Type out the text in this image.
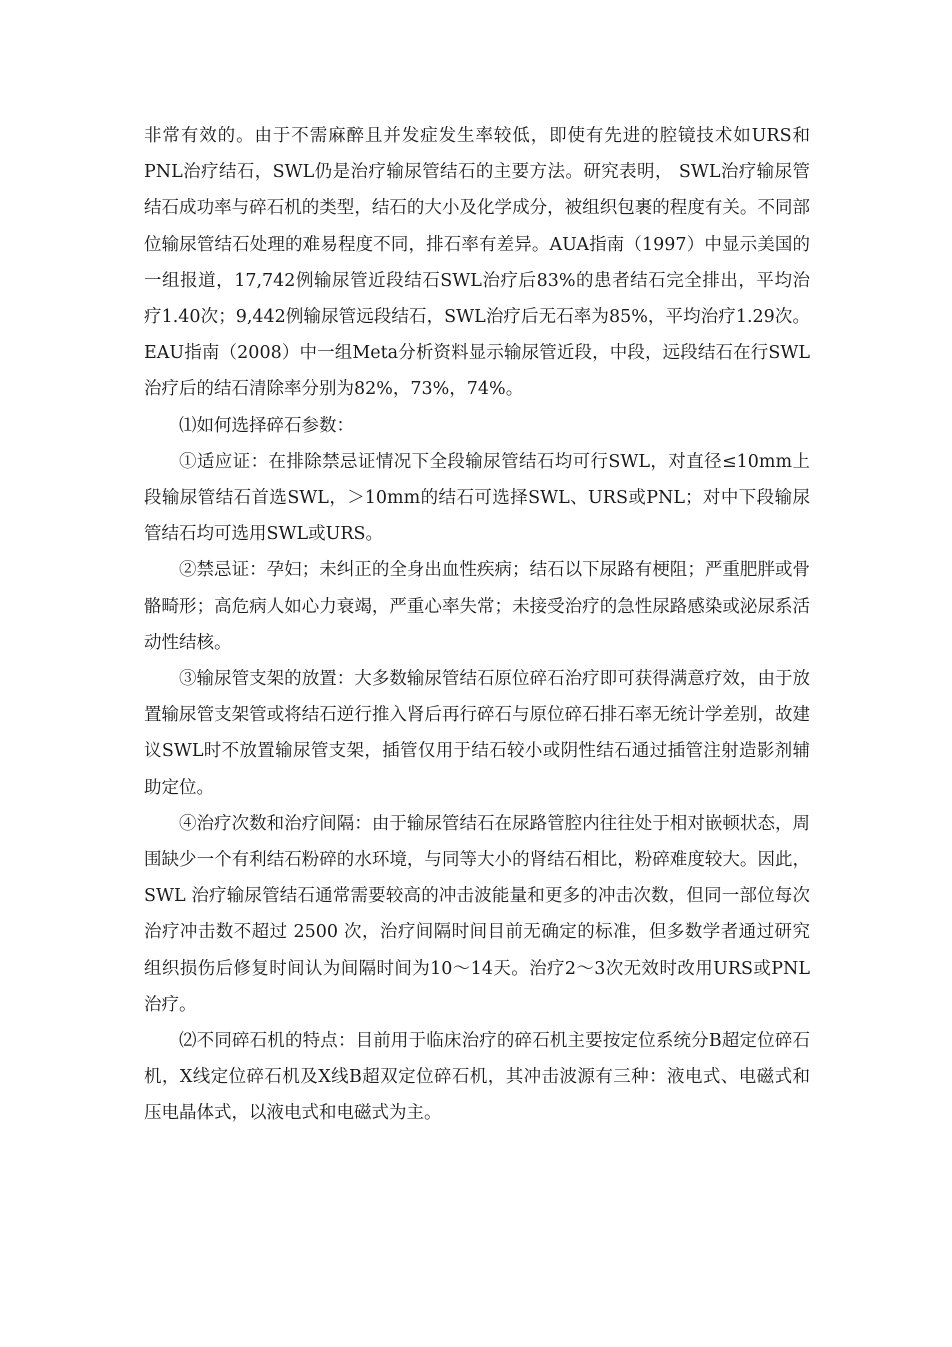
非常有效的。由于不需麻醉且并发症发生率较低，即使有先进的腔镜技术如URS和PNL治疗结石，SWL仍是治疗输尿管结石的主要方法。研究表明， SWL治疗输尿管结石成功率与碎石机的类型，结石的大小及化学成分，被组织包裹的程度有关。不同部位输尿管结石处理的难易程度不同，排石率有差异。AUA指南（1997）中显示美国的一组报道，17,742例输尿管近段结石SWL治疗后83%的患者结石完全排出，平均治疗1.40次；9,442例输尿管远段结石，SWL治疗后无石率为85%，平均治疗1.29次。EAU指南（2008）中一组Meta分析资料显示输尿管近段，中段，远段结石在行SWL治疗后的结石清除率分别为82%，73%，74%。

⑴如何选择碎石参数：

①适应证：在排除禁忌证情况下全段输尿管结石均可行SWL，对直径≤10mm上段输尿管结石首选SWL，＞10mm的结石可选择SWL、URS或PNL；对中下段输尿管结石均可选用SWL或URS。

②禁忌证：孕妇；未纠正的全身出血性疾病；结石以下尿路有梗阻；严重肥胖或骨骼畸形；高危病人如心力衰竭，严重心率失常；未接受治疗的急性尿路感染或泌尿系活动性结核。

③输尿管支架的放置：大多数输尿管结石原位碎石治疗即可获得满意疗效，由于放置输尿管支架管或将结石逆行推入肾后再行碎石与原位碎石排石率无统计学差别，故建议SWL时不放置输尿管支架，插管仅用于结石较小或阴性结石通过插管注射造影剂辅助定位。

④治疗次数和治疗间隔：由于输尿管结石在尿路管腔内往往处于相对嵌顿状态，周围缺少一个有利结石粉碎的水环境，与同等大小的肾结石相比，粉碎难度较大。因此，SWL 治疗输尿管结石通常需要较高的冲击波能量和更多的冲击次数，但同一部位每次治疗冲击数不超过 2500 次，治疗间隔时间目前无确定的标准，但多数学者通过研究组织损伤后修复时间认为间隔时间为10～14天。治疗2～3次无效时改用URS或PNL治疗。

⑵不同碎石机的特点：目前用于临床治疗的碎石机主要按定位系统分B超定位碎石机，X线定位碎石机及X线B超双定位碎石机，其冲击波源有三种：液电式、电磁式和压电晶体式，以液电式和电磁式为主。
